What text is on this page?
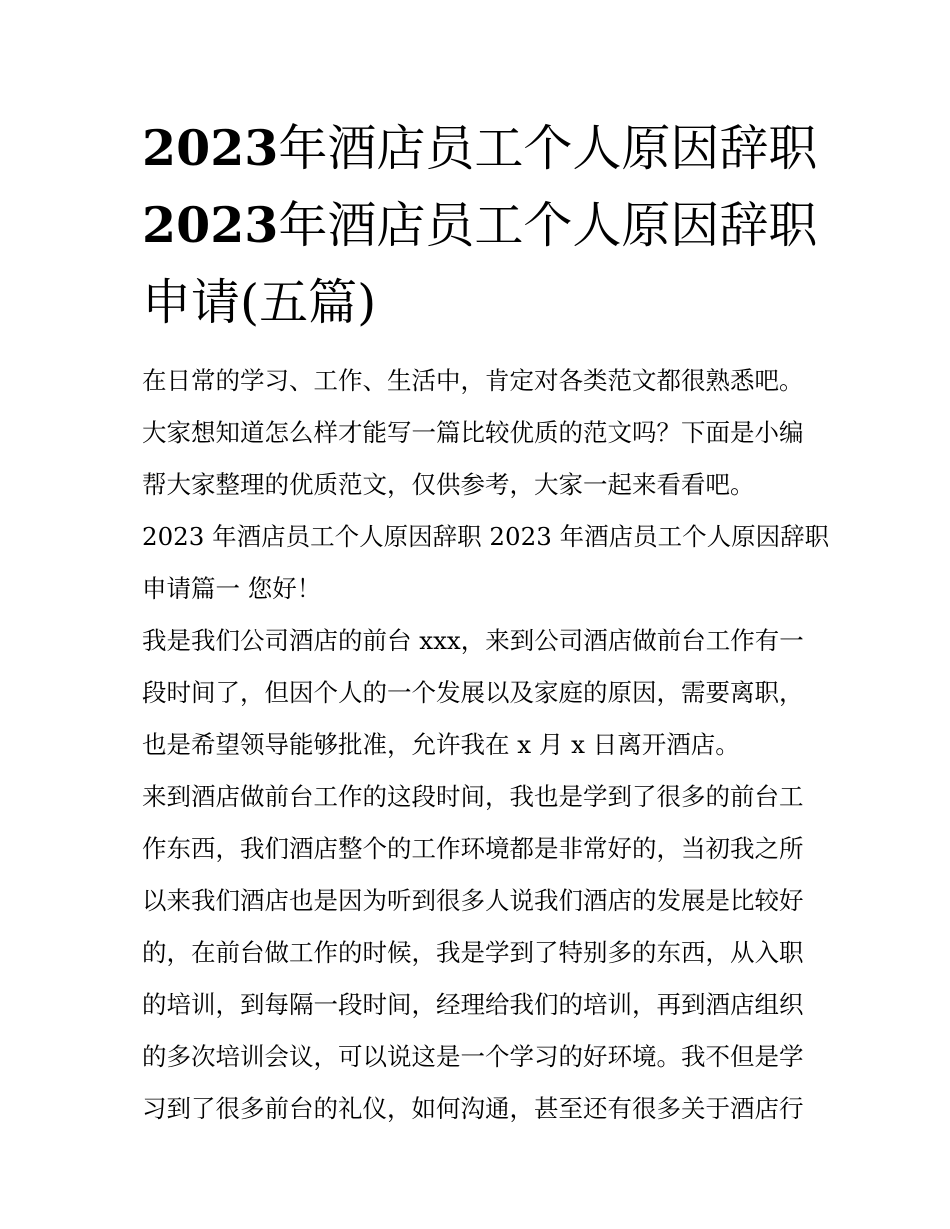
2023年酒店员工个人原因辞职
2023年酒店员工个人原因辞职
申请(五篇)
在日常的学习、工作、生活中，肯定对各类范文都很熟悉吧。
大家想知道怎么样才能写一篇比较优质的范文吗？下面是小编
帮大家整理的优质范文，仅供参考，大家一起来看看吧。
2023 年酒店员工个人原因辞职 2023 年酒店员工个人原因辞职
申请篇一 您好！
我是我们公司酒店的前台 xxx，来到公司酒店做前台工作有一
段时间了，但因个人的一个发展以及家庭的原因，需要离职，
也是希望领导能够批准，允许我在 x 月 x 日离开酒店。
来到酒店做前台工作的这段时间，我也是学到了很多的前台工
作东西，我们酒店整个的工作环境都是非常好的，当初我之所
以来我们酒店也是因为听到很多人说我们酒店的发展是比较好
的，在前台做工作的时候，我是学到了特别多的东西，从入职
的培训，到每隔一段时间，经理给我们的培训，再到酒店组织
的多次培训会议，可以说这是一个学习的好环境。我不但是学
习到了很多前台的礼仪，如何沟通，甚至还有很多关于酒店行
